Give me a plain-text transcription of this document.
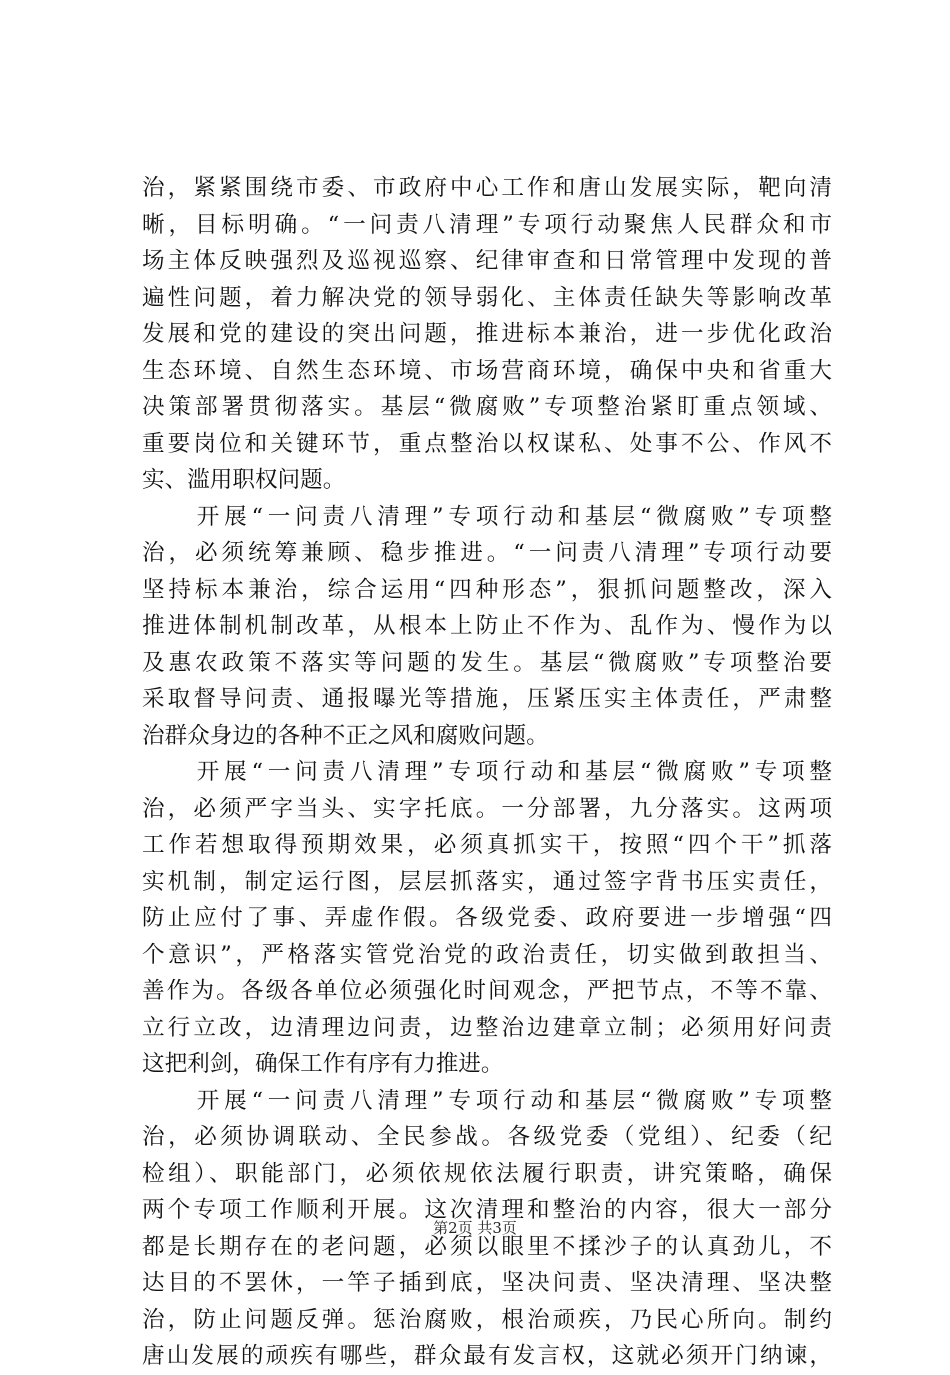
治，紧紧围绕市委、市政府中心工作和唐山发展实际，靶向清
晰，目标明确。“一问责八清理”专项行动聚焦人民群众和市
场主体反映强烈及巡视巡察、纪律审查和日常管理中发现的普
遍性问题，着力解决党的领导弱化、主体责任缺失等影响改革
发展和党的建设的突出问题，推进标本兼治，进一步优化政治
生态环境、自然生态环境、市场营商环境，确保中央和省重大
决策部署贯彻落实。基层“微腐败”专项整治紧盯重点领域、
重要岗位和关键环节，重点整治以权谋私、处事不公、作风不
实、滥用职权问题。
　　开展“一问责八清理”专项行动和基层“微腐败”专项整
治，必须统筹兼顾、稳步推进。“一问责八清理”专项行动要
坚持标本兼治，综合运用“四种形态”，狠抓问题整改，深入
推进体制机制改革，从根本上防止不作为、乱作为、慢作为以
及惠农政策不落实等问题的发生。基层“微腐败”专项整治要
采取督导问责、通报曝光等措施，压紧压实主体责任，严肃整
治群众身边的各种不正之风和腐败问题。
　　开展“一问责八清理”专项行动和基层“微腐败”专项整
治，必须严字当头、实字托底。一分部署，九分落实。这两项
工作若想取得预期效果，必须真抓实干，按照“四个干”抓落
实机制，制定运行图，层层抓落实，通过签字背书压实责任，
防止应付了事、弄虚作假。各级党委、政府要进一步增强“四
个意识”，严格落实管党治党的政治责任，切实做到敢担当、
善作为。各级各单位必须强化时间观念，严把节点，不等不靠、
立行立改，边清理边问责，边整治边建章立制；必须用好问责
这把利剑，确保工作有序有力推进。
　　开展“一问责八清理”专项行动和基层“微腐败”专项整
治，必须协调联动、全民参战。各级党委（党组）、纪委（纪
检组）、职能部门，必须依规依法履行职责，讲究策略，确保
两个专项工作顺利开展。这次清理和整治的内容，很大一部分
都是长期存在的老问题，必须以眼里不揉沙子的认真劲儿，不
达目的不罢休，一竿子插到底，坚决问责、坚决清理、坚决整
治，防止问题反弹。惩治腐败，根治顽疾，乃民心所向。制约
唐山发展的顽疾有哪些，群众最有发言权，这就必须开门纳谏，
第2页 共3页
